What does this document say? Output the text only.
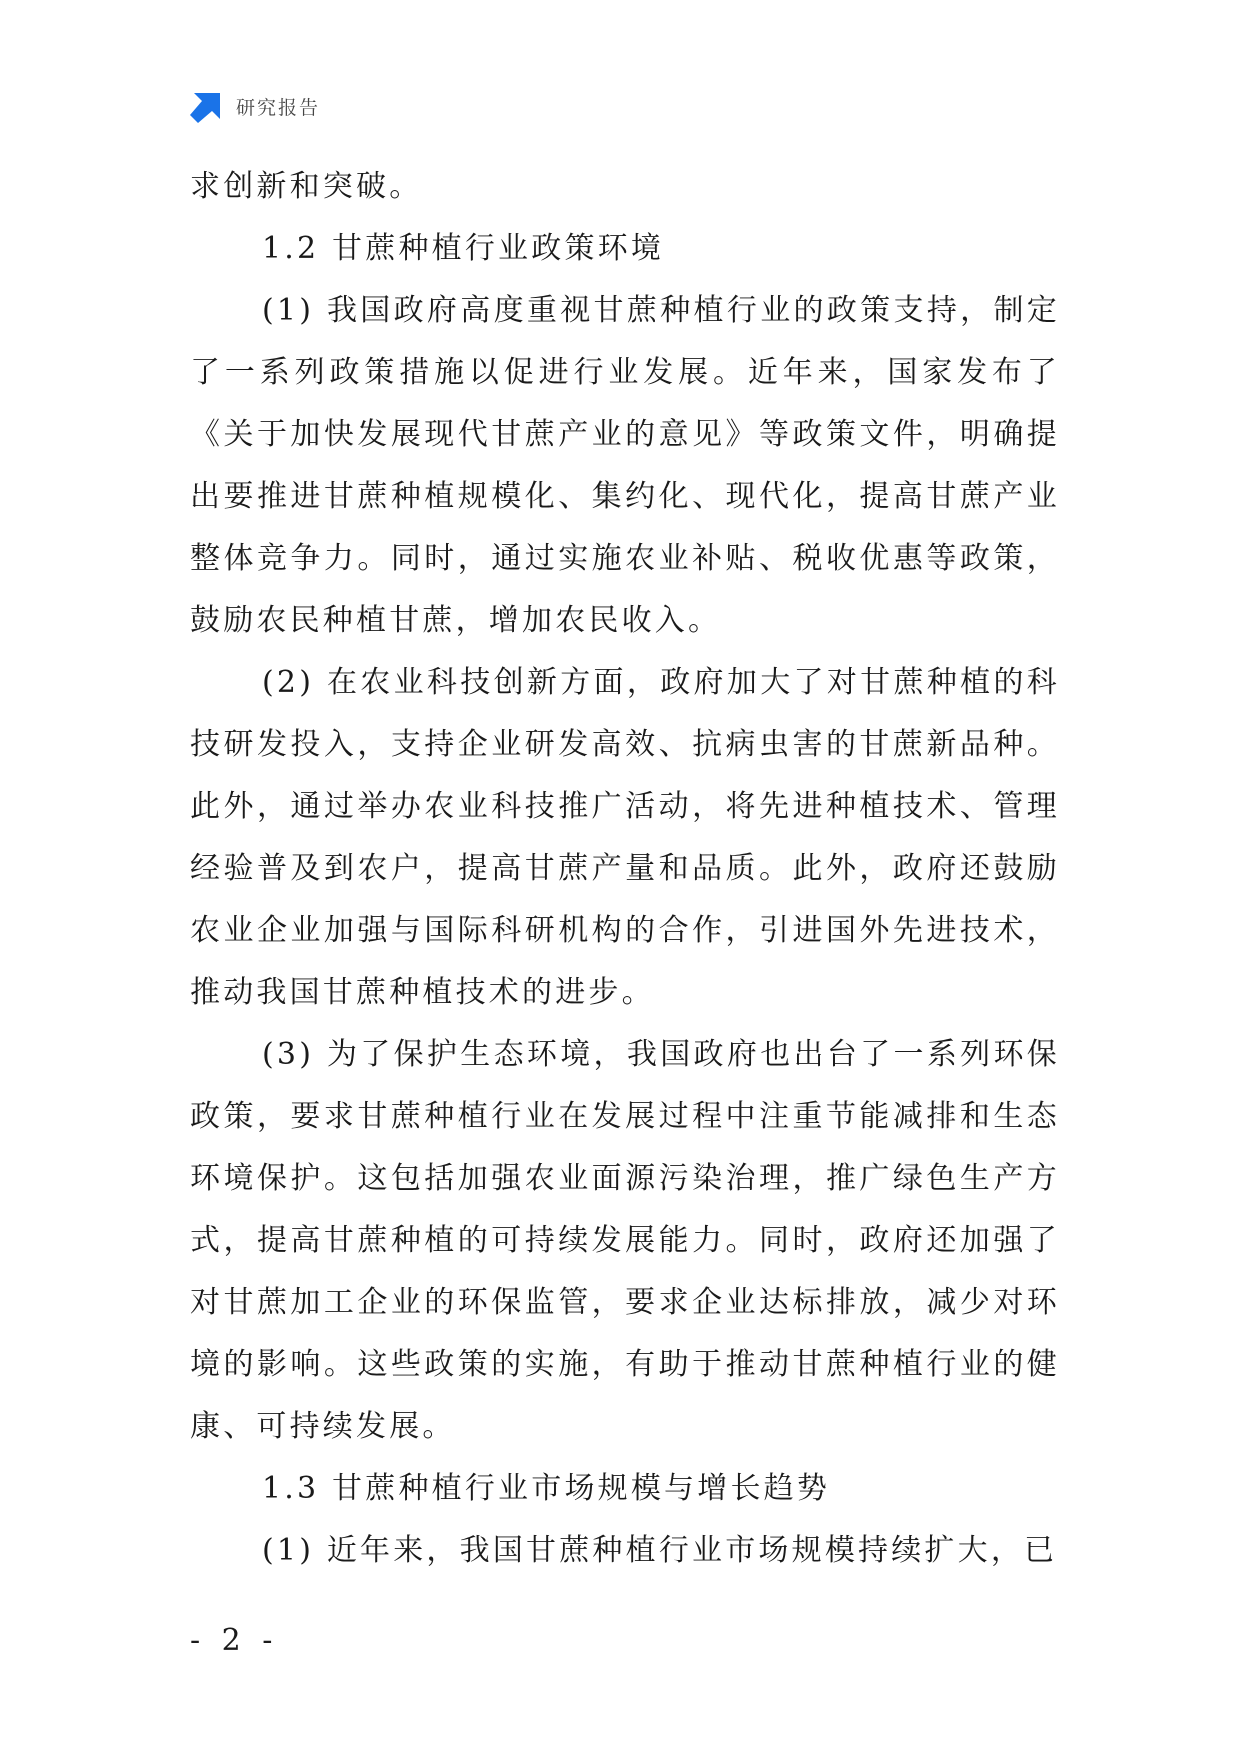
研究报告

求创新和突破。

1.2 甘蔗种植行业政策环境

(1) 我国政府高度重视甘蔗种植行业的政策支持，制定了一系列政策措施以促进行业发展。近年来，国家发布了《关于加快发展现代甘蔗产业的意见》等政策文件，明确提出要推进甘蔗种植规模化、集约化、现代化，提高甘蔗产业整体竞争力。同时，通过实施农业补贴、税收优惠等政策，鼓励农民种植甘蔗，增加农民收入。

(2) 在农业科技创新方面，政府加大了对甘蔗种植的科技研发投入，支持企业研发高效、抗病虫害的甘蔗新品种。此外，通过举办农业科技推广活动，将先进种植技术、管理经验普及到农户，提高甘蔗产量和品质。此外，政府还鼓励农业企业加强与国际科研机构的合作，引进国外先进技术，推动我国甘蔗种植技术的进步。

(3) 为了保护生态环境，我国政府也出台了一系列环保政策，要求甘蔗种植行业在发展过程中注重节能减排和生态环境保护。这包括加强农业面源污染治理，推广绿色生产方式，提高甘蔗种植的可持续发展能力。同时，政府还加强了对甘蔗加工企业的环保监管，要求企业达标排放，减少对环境的影响。这些政策的实施，有助于推动甘蔗种植行业的健康、可持续发展。

1.3 甘蔗种植行业市场规模与增长趋势

(1) 近年来，我国甘蔗种植行业市场规模持续扩大，已

- 2 -
